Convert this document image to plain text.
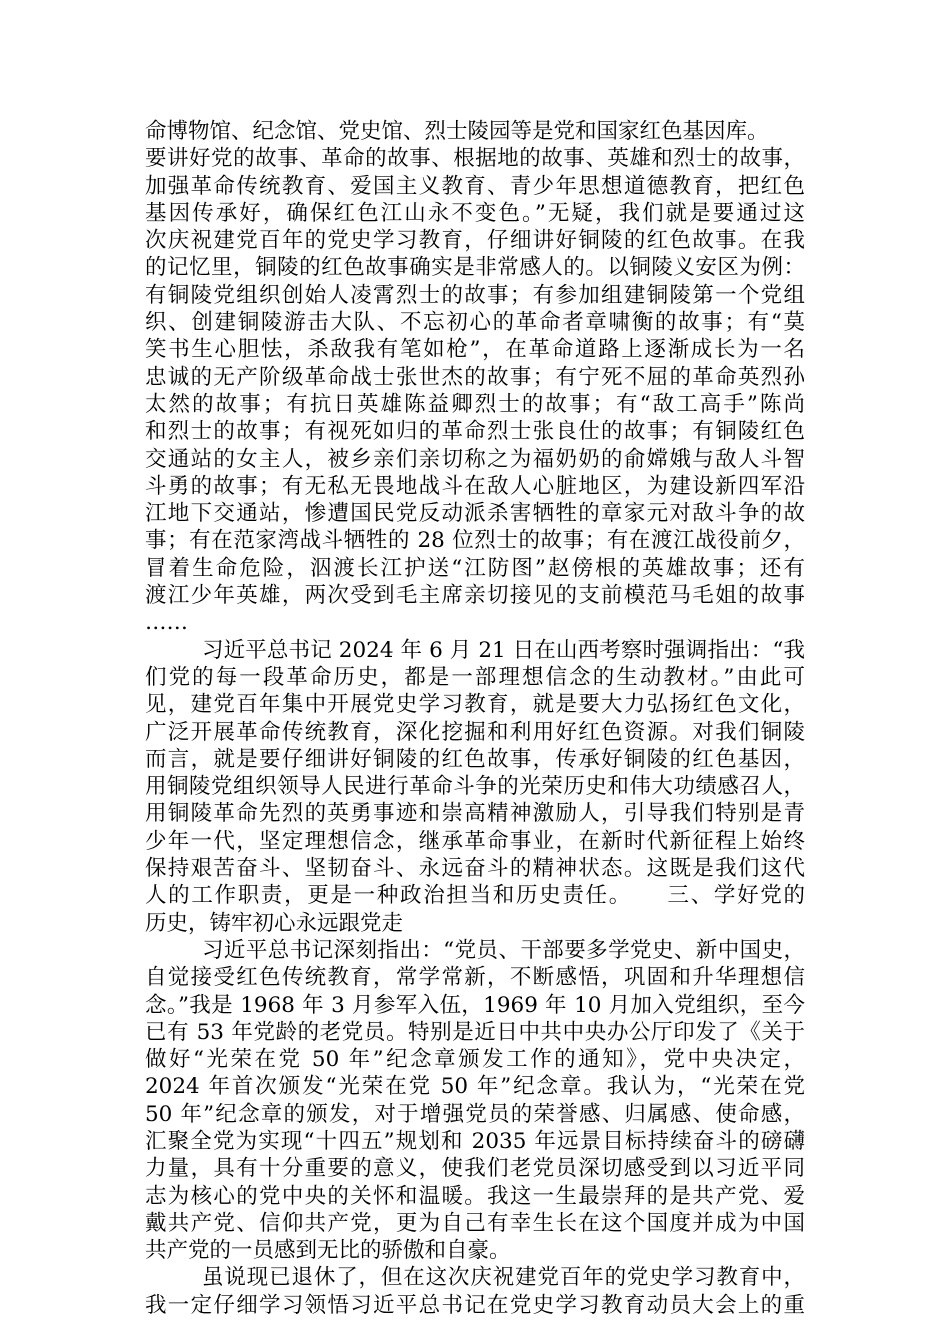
命博物馆、纪念馆、党史馆、烈士陵园等是党和国家红色基因库。
要讲好党的故事、革命的故事、根据地的故事、英雄和烈士的故事，
加强革命传统教育、爱国主义教育、青少年思想道德教育，把红色
基因传承好，确保红色江山永不变色。”无疑，我们就是要通过这
次庆祝建党百年的党史学习教育，仔细讲好铜陵的红色故事。在我
的记忆里，铜陵的红色故事确实是非常感人的。以铜陵义安区为例：
有铜陵党组织创始人凌霄烈士的故事；有参加组建铜陵第一个党组
织、创建铜陵游击大队、不忘初心的革命者章啸衡的故事；有“莫
笑书生心胆怯，杀敌我有笔如枪”，在革命道路上逐渐成长为一名
忠诚的无产阶级革命战士张世杰的故事；有宁死不屈的革命英烈孙
太然的故事；有抗日英雄陈益卿烈士的故事；有“敌工高手”陈尚
和烈士的故事；有视死如归的革命烈士张良仕的故事；有铜陵红色
交通站的女主人，被乡亲们亲切称之为福奶奶的俞嫦娥与敌人斗智
斗勇的故事；有无私无畏地战斗在敌人心脏地区，为建设新四军沿
江地下交通站，惨遭国民党反动派杀害牺牲的章家元对敌斗争的故
事；有在范家湾战斗牺牲的 28 位烈士的故事；有在渡江战役前夕，
冒着生命危险，泅渡长江护送“江防图”赵傍根的英雄故事；还有
渡江少年英雄，两次受到毛主席亲切接见的支前模范马毛姐的故事
……
习近平总书记 2024 年 6 月 21 日在山西考察时强调指出：“我
们党的每一段革命历史，都是一部理想信念的生动教材。”由此可
见，建党百年集中开展党史学习教育，就是要大力弘扬红色文化，
广泛开展革命传统教育，深化挖掘和利用好红色资源。对我们铜陵
而言，就是要仔细讲好铜陵的红色故事，传承好铜陵的红色基因，
用铜陵党组织领导人民进行革命斗争的光荣历史和伟大功绩感召人，
用铜陵革命先烈的英勇事迹和崇高精神激励人，引导我们特别是青
少年一代，坚定理想信念，继承革命事业，在新时代新征程上始终
保持艰苦奋斗、坚韧奋斗、永远奋斗的精神状态。这既是我们这代
人的工作职责，更是一种政治担当和历史责任。　　三、学好党的
历史，铸牢初心永远跟党走
习近平总书记深刻指出：“党员、干部要多学党史、新中国史，
自觉接受红色传统教育，常学常新，不断感悟，巩固和升华理想信
念。”我是 1968 年 3 月参军入伍，1969 年 10 月加入党组织，至今
已有 53 年党龄的老党员。特别是近日中共中央办公厅印发了《关于
做好“光荣在党 50 年”纪念章颁发工作的通知》，党中央决定，
2024 年首次颁发“光荣在党 50 年”纪念章。我认为，“光荣在党
50 年”纪念章的颁发，对于增强党员的荣誉感、归属感、使命感，
汇聚全党为实现“十四五”规划和 2035 年远景目标持续奋斗的磅礴
力量，具有十分重要的意义，使我们老党员深切感受到以习近平同
志为核心的党中央的关怀和温暖。我这一生最崇拜的是共产党、爱
戴共产党、信仰共产党，更为自己有幸生长在这个国度并成为中国
共产党的一员感到无比的骄傲和自豪。
虽说现已退休了，但在这次庆祝建党百年的党史学习教育中，
我一定仔细学习领悟习近平总书记在党史学习教育动员大会上的重
